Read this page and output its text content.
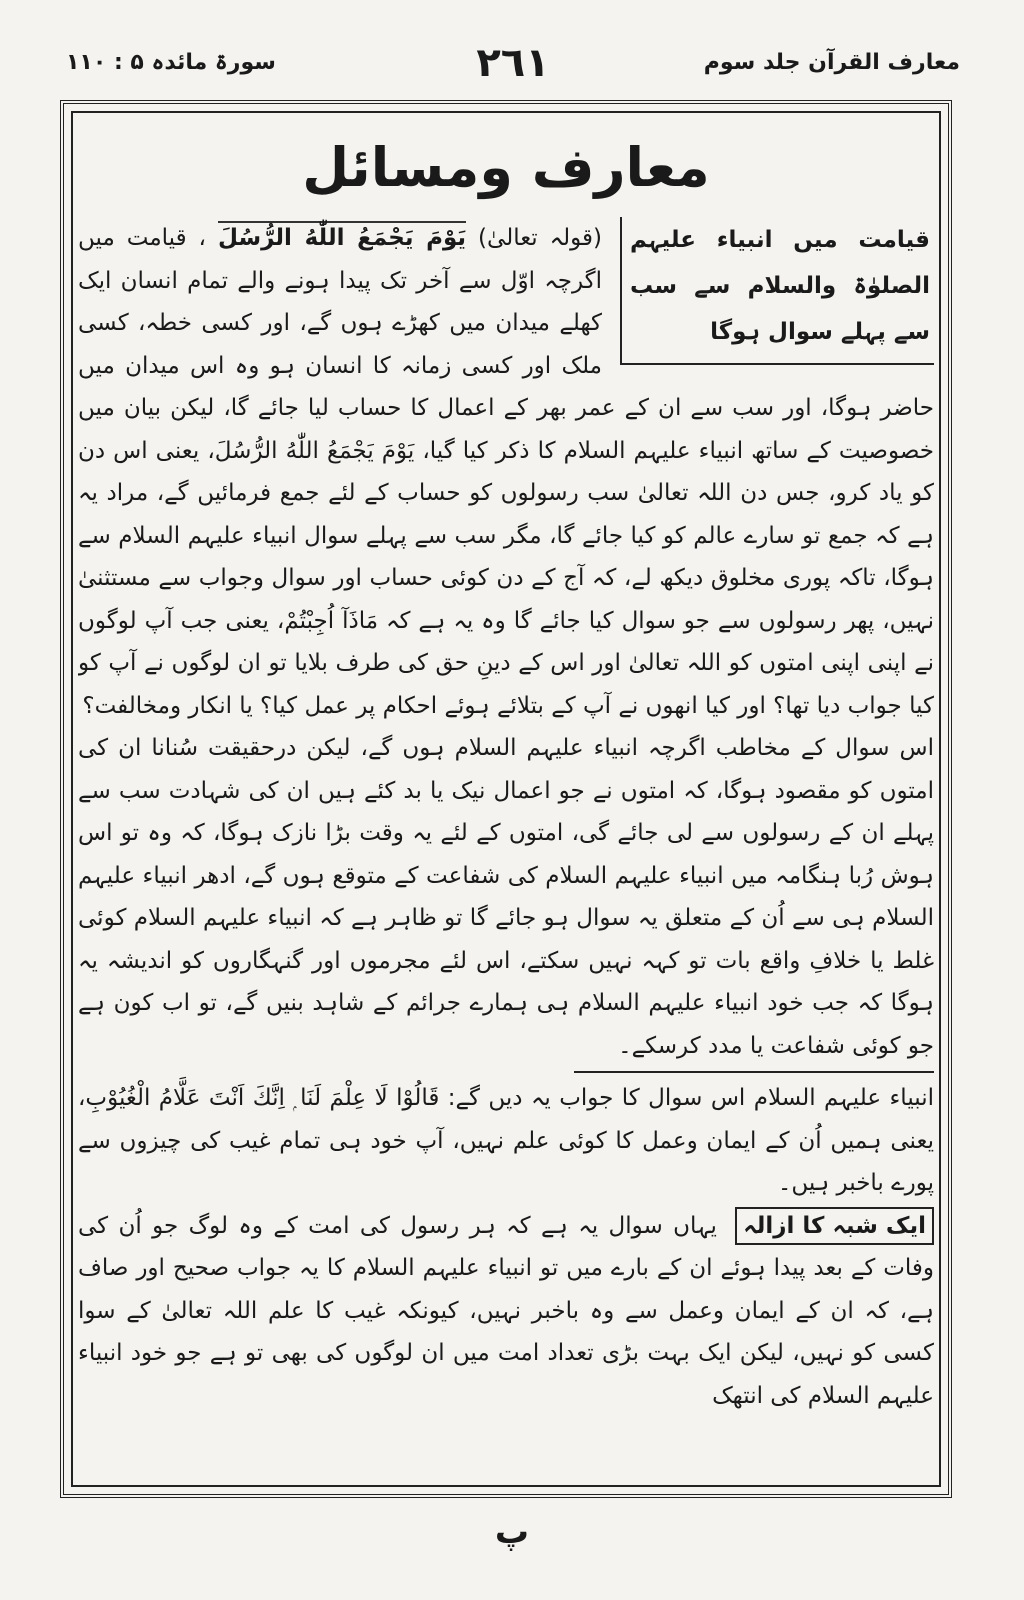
معارف القرآن جلد سوم
٢٦١
سورۃ مائدہ ۵ : ١١٠
معارف ومسائل
قیامت میں انبیاء علیہم الصلوٰۃ والسلام سے سب سے پہلے سوال ہوگا

(قولہ تعالیٰ) يَوْمَ يَجْمَعُ اللّٰهُ الرُّسُلَ ، قیامت میں اگرچہ اوّل سے آخر تک پیدا ہونے والے تمام انسان ایک کھلے میدان میں کھڑے ہوں گے، اور کسی خطہ، کسی ملک اور کسی زمانہ کا انسان ہو وہ اس میدان میں حاضر ہوگا، اور سب سے ان کے عمر بھر کے اعمال کا حساب لیا جائے گا، لیکن بیان میں خصوصیت کے ساتھ انبیاء علیہم السلام کا ذکر کیا گیا، يَوْمَ يَجْمَعُ اللّٰهُ الرُّسُلَ، یعنی اس دن کو یاد کرو، جس دن اللہ تعالیٰ سب رسولوں کو حساب کے لئے جمع فرمائیں گے، مراد یہ ہے کہ جمع تو سارے عالم کو کیا جائے گا، مگر سب سے پہلے سوال انبیاء علیہم السلام سے ہوگا، تاکہ پوری مخلوق دیکھ لے، کہ آج کے دن کوئی حساب اور سوال وجواب سے مستثنیٰ نہیں، پھر رسولوں سے جو سوال کیا جائے گا وہ یہ ہے کہ مَاذَآ اُجِبْتُمْ، یعنی جب آپ لوگوں نے اپنی اپنی امتوں کو اللہ تعالیٰ اور اس کے دینِ حق کی طرف بلایا تو ان لوگوں نے آپ کو کیا جواب دیا تھا؟ اور کیا انھوں نے آپ کے بتلائے ہوئے احکام پر عمل کیا؟ یا انکار ومخالفت؟

اس سوال کے مخاطب اگرچہ انبیاء علیہم السلام ہوں گے، لیکن درحقیقت سُنانا ان کی امتوں کو مقصود ہوگا، کہ امتوں نے جو اعمال نیک یا بد کئے ہیں ان کی شہادت سب سے پہلے ان کے رسولوں سے لی جائے گی، امتوں کے لئے یہ وقت بڑا نازک ہوگا، کہ وہ تو اس ہوش رُبا ہنگامہ میں انبیاء علیہم السلام کی شفاعت کے متوقع ہوں گے، ادھر انبیاء علیہم السلام ہی سے اُن کے متعلق یہ سوال ہو جائے گا تو ظاہر ہے کہ انبیاء علیہم السلام کوئی غلط یا خلافِ واقع بات تو کہہ نہیں سکتے، اس لئے مجرموں اور گنہگاروں کو اندیشہ یہ ہوگا کہ جب خود انبیاء علیہم السلام ہی ہمارے جرائم کے شاہد بنیں گے، تو اب کون ہے جو کوئی شفاعت یا مدد کرسکے۔

انبیاء علیہم السلام اس سوال کا جواب یہ دیں گے: قَالُوْا لَا عِلْمَ لَنَا ۭ اِنَّكَ اَنْتَ عَلَّامُ الْغُيُوْبِ، یعنی ہمیں اُن کے ایمان وعمل کا کوئی علم نہیں، آپ خود ہی تمام غیب کی چیزوں سے پورے باخبر ہیں۔

ایک شبہ کا ازالہ یہاں سوال یہ ہے کہ ہر رسول کی امت کے وہ لوگ جو اُن کی وفات کے بعد پیدا ہوئے ان کے بارے میں تو انبیاء علیہم السلام کا یہ جواب صحیح اور صاف ہے، کہ ان کے ایمان وعمل سے وہ باخبر نہیں، کیونکہ غیب کا علم اللہ تعالیٰ کے سوا کسی کو نہیں، لیکن ایک بہت بڑی تعداد امت میں ان لوگوں کی بھی تو ہے جو خود انبیاء علیہم السلام کی انتھک

پ
